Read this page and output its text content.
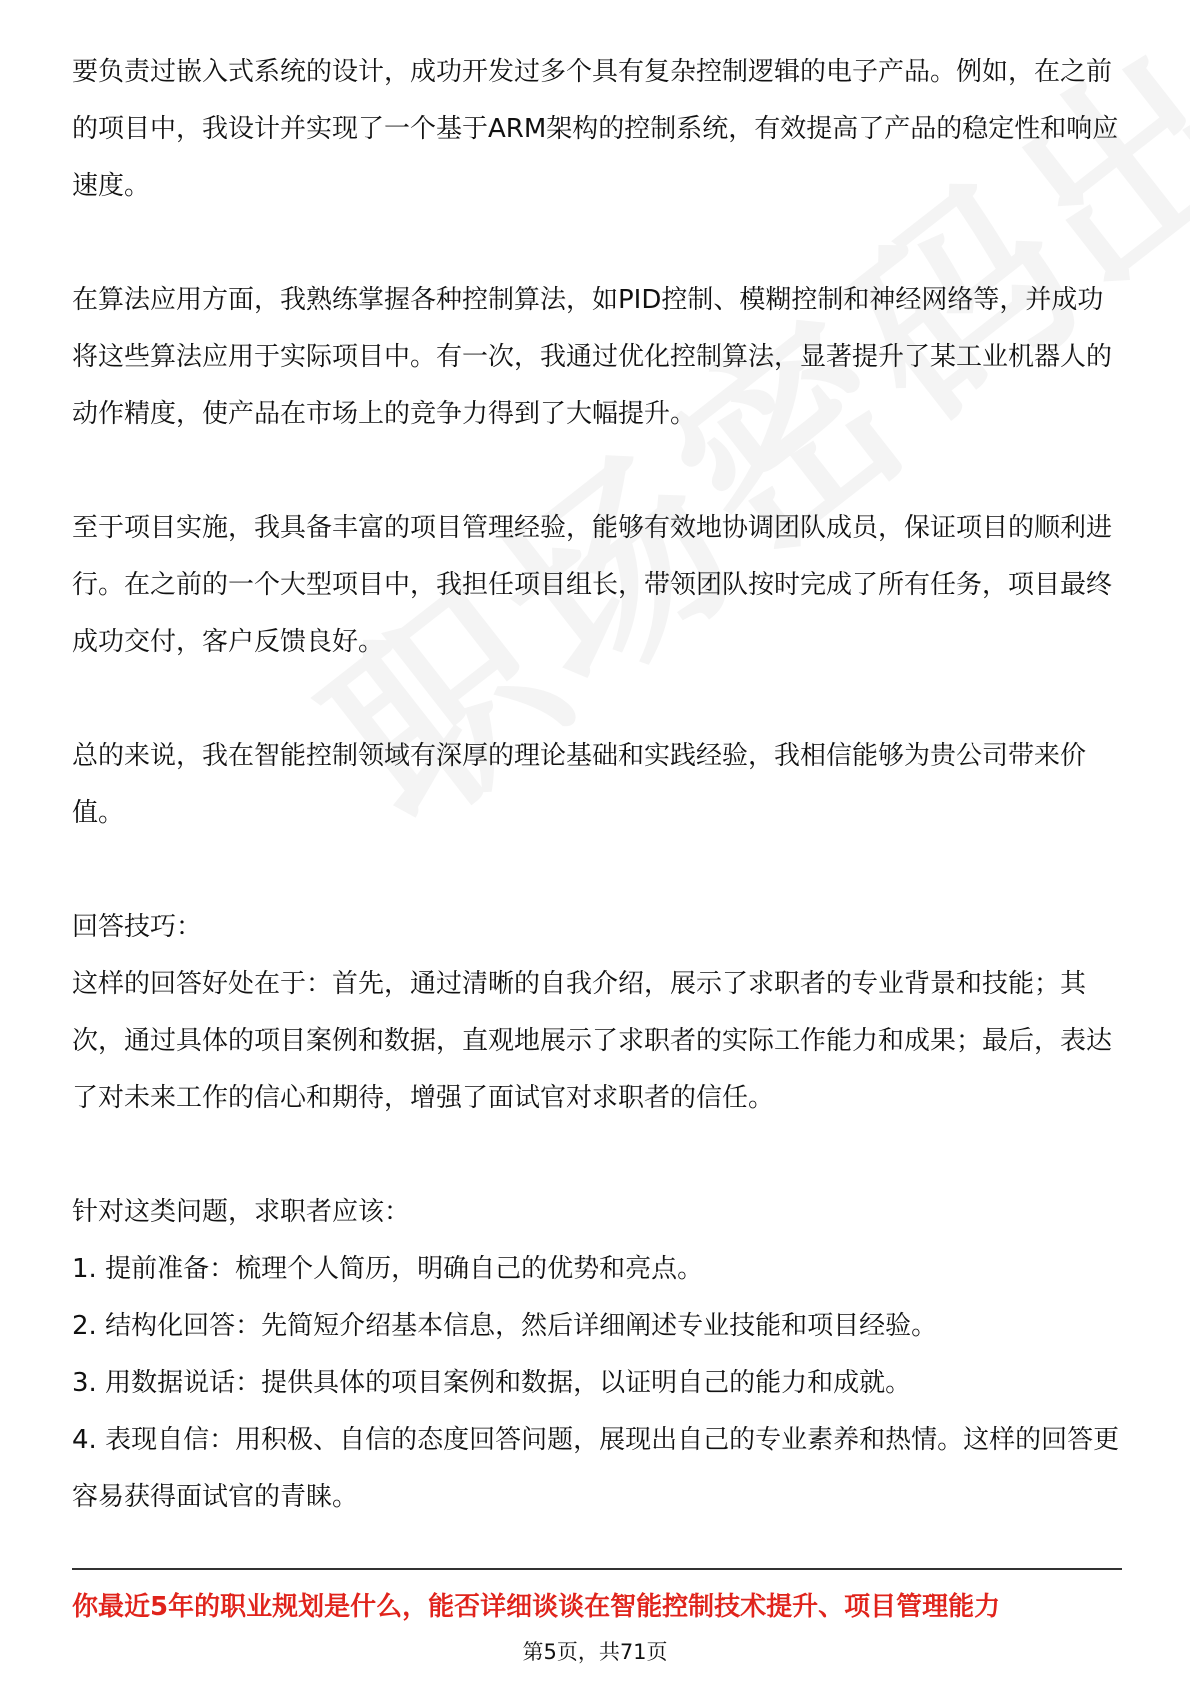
要负责过嵌入式系统的设计，成功开发过多个具有复杂控制逻辑的电子产品。例如，在之前的项目中，我设计并实现了一个基于ARM架构的控制系统，有效提高了产品的稳定性和响应速度。

在算法应用方面，我熟练掌握各种控制算法，如PID控制、模糊控制和神经网络等，并成功将这些算法应用于实际项目中。有一次，我通过优化控制算法，显著提升了某工业机器人的动作精度，使产品在市场上的竞争力得到了大幅提升。

至于项目实施，我具备丰富的项目管理经验，能够有效地协调团队成员，保证项目的顺利进行。在之前的一个大型项目中，我担任项目组长，带领团队按时完成了所有任务，项目最终成功交付，客户反馈良好。

总的来说，我在智能控制领域有深厚的理论基础和实践经验，我相信能够为贵公司带来价值。

回答技巧：

这样的回答好处在于：首先，通过清晰的自我介绍，展示了求职者的专业背景和技能；其次，通过具体的项目案例和数据，直观地展示了求职者的实际工作能力和成果；最后，表达了对未来工作的信心和期待，增强了面试官对求职者的信任。

针对这类问题，求职者应该：

1. 提前准备：梳理个人简历，明确自己的优势和亮点。

2. 结构化回答：先简短介绍基本信息，然后详细阐述专业技能和项目经验。

3. 用数据说话：提供具体的项目案例和数据，以证明自己的能力和成就。

4. 表现自信：用积极、自信的态度回答问题，展现出自己的专业素养和热情。这样的回答更容易获得面试官的青睐。

你最近5年的职业规划是什么，能否详细谈谈在智能控制技术提升、项目管理能力
第5页，共71页
